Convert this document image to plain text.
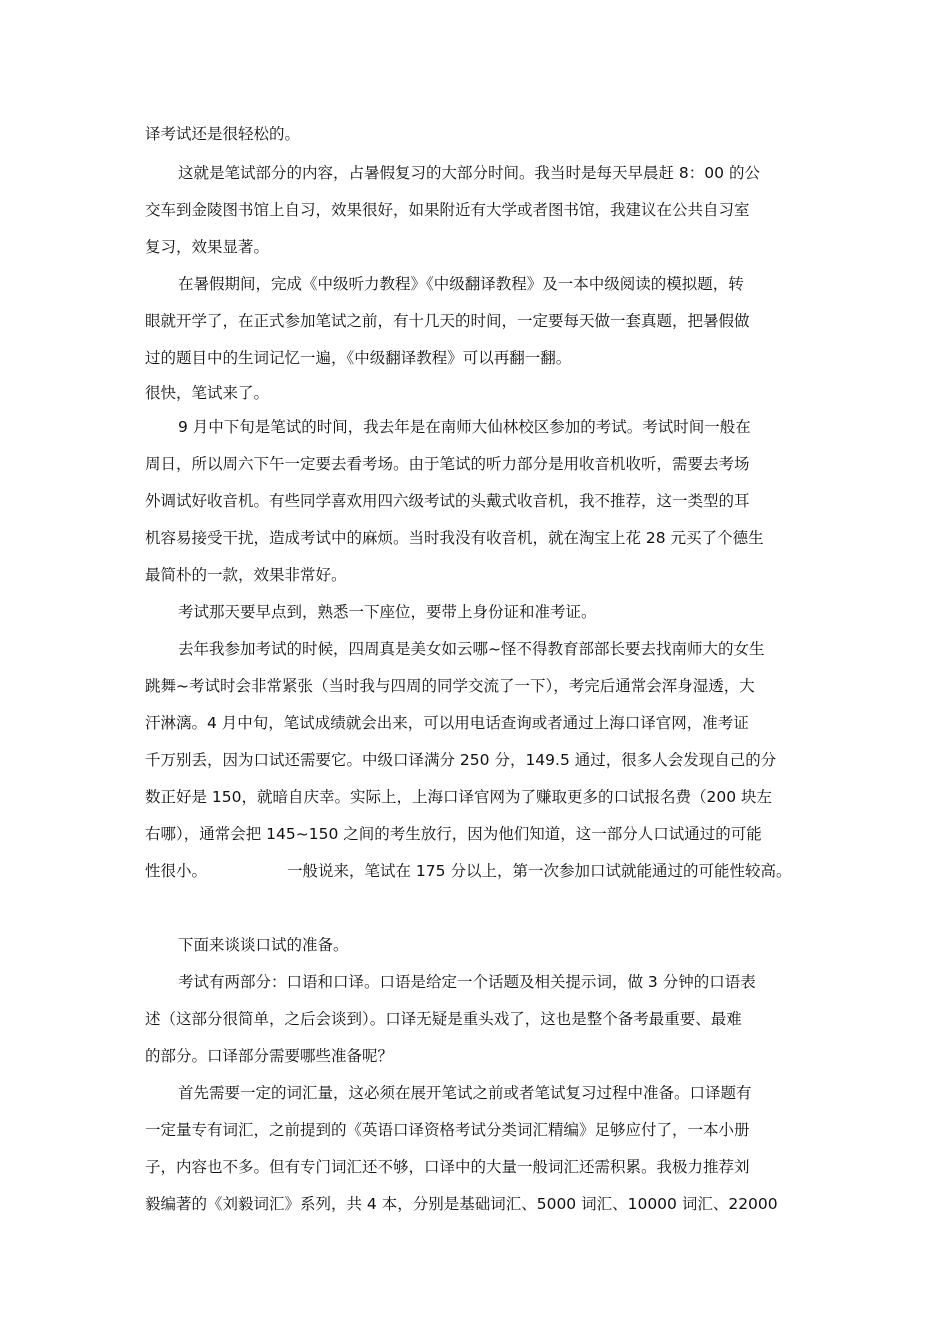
译考试还是很轻松的。
这就是笔试部分的内容，占暑假复习的大部分时间。我当时是每天早晨赶 8：00 的公
交车到金陵图书馆上自习，效果很好，如果附近有大学或者图书馆，我建议在公共自习室
复习，效果显著。
在暑假期间，完成《中级听力教程》《中级翻译教程》及一本中级阅读的模拟题，转
眼就开学了，在正式参加笔试之前，有十几天的时间，一定要每天做一套真题，把暑假做
过的题目中的生词记忆一遍，《中级翻译教程》可以再翻一翻。
很快，笔试来了。
9 月中下旬是笔试的时间，我去年是在南师大仙林校区参加的考试。考试时间一般在
周日，所以周六下午一定要去看考场。由于笔试的听力部分是用收音机收听，需要去考场
外调试好收音机。有些同学喜欢用四六级考试的头戴式收音机，我不推荐，这一类型的耳
机容易接受干扰，造成考试中的麻烦。当时我没有收音机，就在淘宝上花 28 元买了个德生
最简朴的一款，效果非常好。
考试那天要早点到，熟悉一下座位，要带上身份证和准考证。
去年我参加考试的时候，四周真是美女如云哪~怪不得教育部部长要去找南师大的女生
跳舞~考试时会非常紧张（当时我与四周的同学交流了一下），考完后通常会浑身湿透，大
汗淋漓。4 月中旬，笔试成绩就会出来，可以用电话查询或者通过上海口译官网，准考证
千万别丢，因为口试还需要它。中级口译满分 250 分，149.5 通过，很多人会发现自己的分
数正好是 150，就暗自庆幸。实际上，上海口译官网为了赚取更多的口试报名费（200 块左
右哪），通常会把 145~150 之间的考生放行，因为他们知道，这一部分人口试通过的可能
性很小。	一般说来，笔试在 175 分以上，第一次参加口试就能通过的可能性较高。
下面来谈谈口试的准备。
考试有两部分：口语和口译。口语是给定一个话题及相关提示词，做 3 分钟的口语表
述（这部分很简单，之后会谈到）。口译无疑是重头戏了，这也是整个备考最重要、最难
的部分。口译部分需要哪些准备呢？
首先需要一定的词汇量，这必须在展开笔试之前或者笔试复习过程中准备。口译题有
一定量专有词汇，之前提到的《英语口译资格考试分类词汇精编》足够应付了，一本小册
子，内容也不多。但有专门词汇还不够，口译中的大量一般词汇还需积累。我极力推荐刘
毅编著的《刘毅词汇》系列，共 4 本，分别是基础词汇、5000 词汇、10000 词汇、22000
